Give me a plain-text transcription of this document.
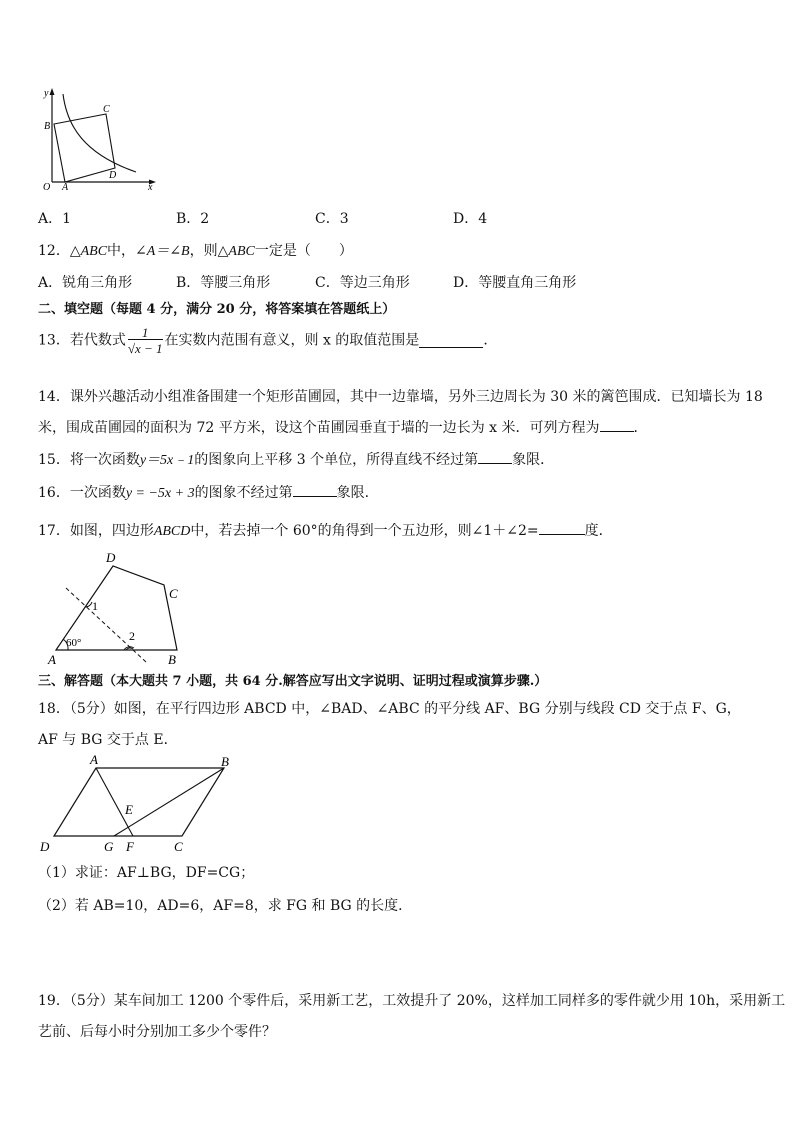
y
x
O A
B
C
D
A．1	B．2	C．3	D．4
12．△ABC中，∠A＝∠B，则△ABC一定是（　　）
A．锐角三角形	B．等腰三角形	C．等边三角形	D．等腰直角三角形
二、填空题（每题 4 分，满分 20 分，将答案填在答题纸上）
13．若代数式 $\frac{1}{√x - 1}$ 在实数内范围有意义，则 x 的取值范围是	．
14．课外兴趣活动小组准备围建一个矩形苗圃园，其中一边靠墙，另外三边周长为 30 米的篱笆围成．已知墙长为 18
米，围成苗圃园的面积为 72 平方米，设这个苗圃园垂直于墙的一边长为 x 米．可列方程为 ．
15．将一次函数y＝5x﹣1的图象向上平移 3 个单位，所得直线不经过第 象限．
16．一次函数y = −5x + 3的图象不经过第	象限.
17．如图，四边形ABCD中，若去掉一个 60°的角得到一个五边形，则∠1＋∠2=	度．
D
C
A	B
1
2
60°
三、解答题（本大题共 7 小题，共 64 分.解答应写出文字说明、证明过程或演算步骤.）
18．（5分）如图，在平行四边形 ABCD 中，∠BAD、∠ABC 的平分线 AF、BG 分别与线段 CD 交于点 F、G，
AF 与 BG 交于点 E．
A	B
C
D
E
F
G
（1）求证：AF⊥BG，DF=CG；
（2）若 AB=10，AD=6，AF=8，求 FG 和 BG 的长度．
19．（5分）某车间加工 1200 个零件后，采用新工艺，工效提升了 20%，这样加工同样多的零件就少用 10h，采用新工
艺前、后每小时分别加工多少个零件？
